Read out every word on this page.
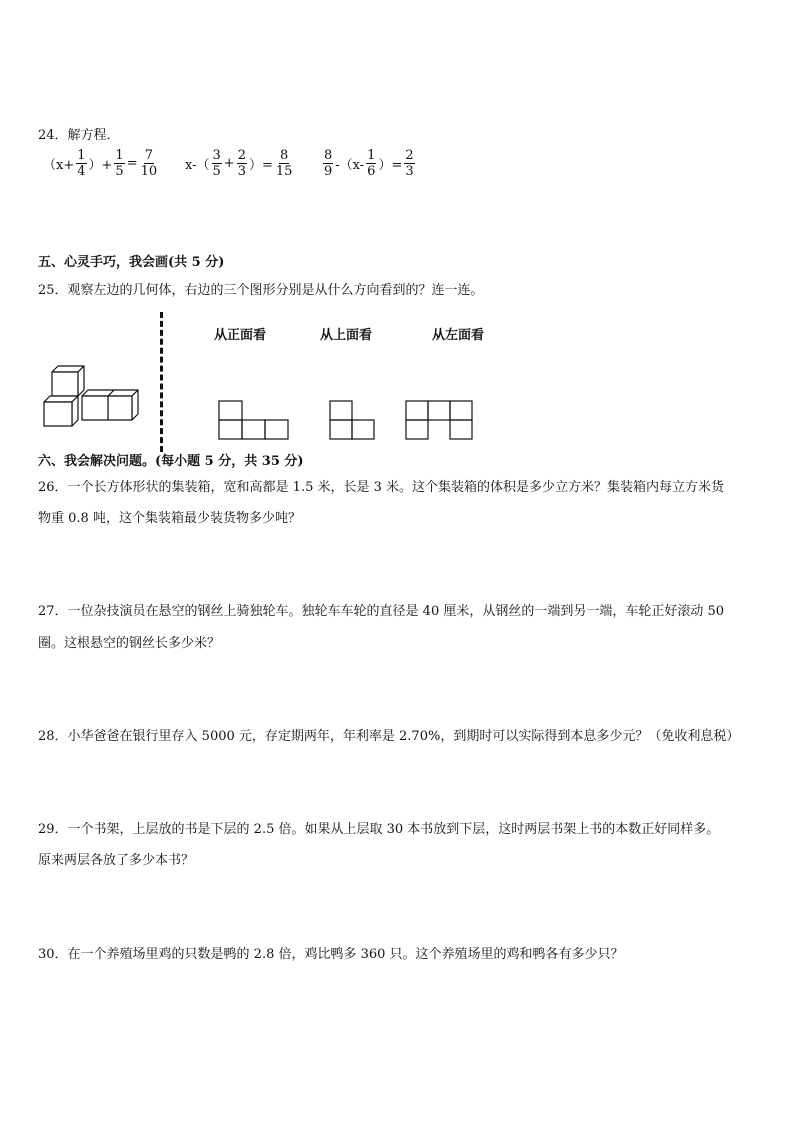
24．解方程．
（$x+ \frac{1}{4}$ ）+ $\frac{1}{5} = \frac{7}{10} x-( \frac{3}{5} + \frac{2}{3}$ ）= $\frac{8}{15} \frac{8}{9} -(x- \frac{1}{6}$ ）= $\frac{2}{3}$
五、心灵手巧，我会画(共 5 分)
25．观察左边的几何体，右边的三个图形分别是从什么方向看到的？连一连。
从正面看	从上面看	从左面看
六、我会解决问题。(每小题 5 分，共 35 分)
26．一个长方体形状的集装箱，宽和高都是 1.5 米，长是 3 米。这个集装箱的体积是多少立方米？集装箱内每立方米货
物重 0.8 吨，这个集装箱最少装货物多少吨？
27．一位杂技演员在悬空的钢丝上骑独轮车。独轮车车轮的直径是 40 厘米，从钢丝的一端到另一端，车轮正好滚动 50
圈。这根悬空的钢丝长多少米？
28．小华爸爸在银行里存入 5000 元，存定期两年，年利率是 2.70%，到期时可以实际得到本息多少元？（免收利息税）
29．一个书架，上层放的书是下层的 2.5 倍。如果从上层取 30 本书放到下层，这时两层书架上书的本数正好同样多。
原来两层各放了多少本书？
30．在一个养殖场里鸡的只数是鸭的 2.8 倍，鸡比鸭多 360 只。这个养殖场里的鸡和鸭各有多少只？
